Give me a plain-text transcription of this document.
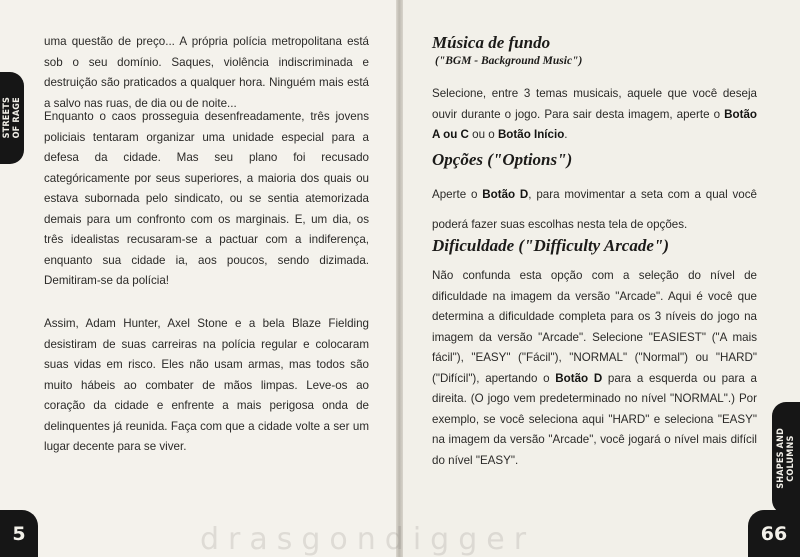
STREETS
OF RAGE

uma questão de preço... A própria polícia metropolitana está sob o seu domínio. Saques, violência indiscriminada e destruição são praticados a qualquer hora. Ninguém mais está a salvo nas ruas, de dia ou de noite...

Enquanto o caos prosseguia desenfreadamente, três jovens policiais tentaram organizar uma unidade especial para a defesa da cidade. Mas seu plano foi recusado categóricamente por seus superiores, a maioria dos quais ou estava subornada pelo sindicato, ou se sentia atemorizada demais para um confronto com os marginais. E, um dia, os três idealistas recusaram-se a pactuar com a indiferença, enquanto sua cidade ia, aos poucos, sendo dizimada. Demitiram-se da polícia!

Assim, Adam Hunter, Axel Stone e a bela Blaze Fielding desistiram de suas carreiras na polícia regular e colocaram suas vidas em risco. Eles não usam armas, mas todos são muito hábeis ao combater de mãos limpas. Leve-os ao coração da cidade e enfrente a mais perigosa onda de delinquentes já reunida. Faça com que a cidade volte a ser um lugar decente para se viver.

5
Música de fundo
("BGM - Background Music")

Selecione, entre 3 temas musicais, aquele que você deseja ouvir durante o jogo. Para sair desta imagem, aperte o Botão A ou C ou o Botão Início.

Opções ("Options")

Aperte o Botão D, para movimentar a seta com a qual você poderá fazer suas escolhas nesta tela de opções.

Dificuldade ("Difficulty Arcade")

Não confunda esta opção com a seleção do nível de dificuldade na imagem da versão "Arcade". Aqui é você que determina a dificuldade completa para os 3 níveis do jogo na imagem da versão "Arcade". Selecione "EASIEST" ("A mais fácil"), "EASY" ("Fácil"), "NORMAL" ("Normal") ou "HARD" ("Difícil"), apertando o Botão D para a esquerda ou para a direita. (O jogo vem predeterminado no nível "NORMAL".) Por exemplo, se você seleciona aqui "HARD" e seleciona "EASY" na imagem da versão "Arcade", você jogará o nível mais difícil do nível "EASY".	SHAPES AND
COLUMNS
66
drasgondigger
